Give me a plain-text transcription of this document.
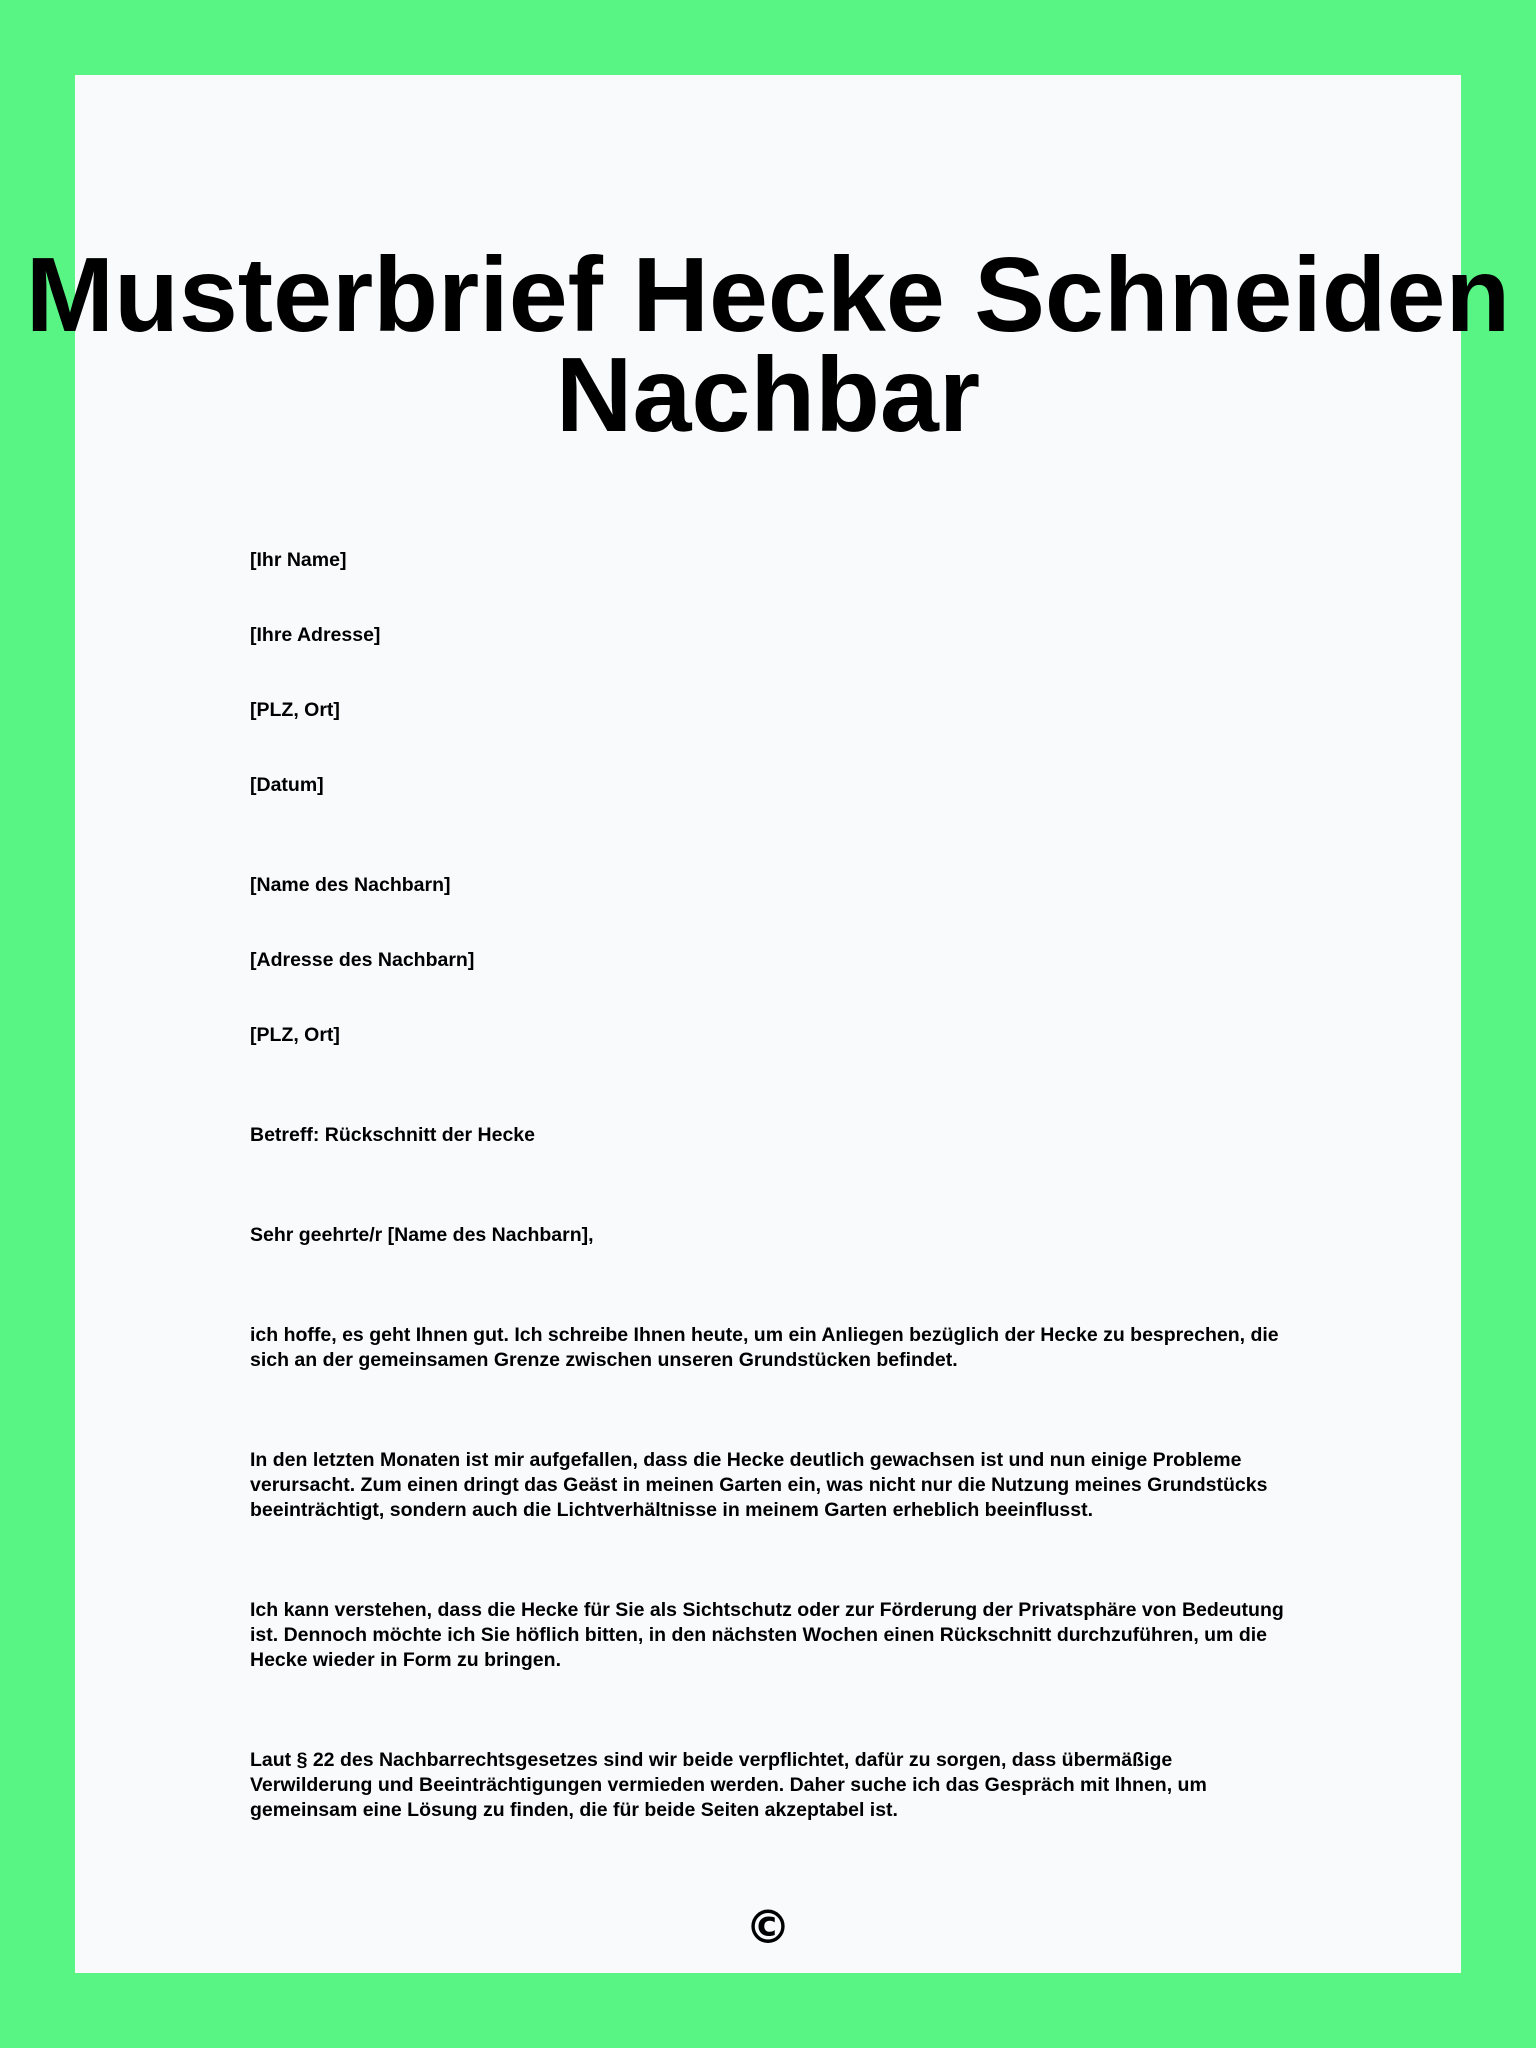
Musterbrief Hecke Schneiden Nachbar

[Ihr Name]

[Ihre Adresse]

[PLZ, Ort]

[Datum]

[Name des Nachbarn]

[Adresse des Nachbarn]

[PLZ, Ort]

Betreff: Rückschnitt der Hecke

Sehr geehrte/r [Name des Nachbarn],

ich hoffe, es geht Ihnen gut. Ich schreibe Ihnen heute, um ein Anliegen bezüglich der Hecke zu besprechen, die sich an der gemeinsamen Grenze zwischen unseren Grundstücken befindet.

In den letzten Monaten ist mir aufgefallen, dass die Hecke deutlich gewachsen ist und nun einige Probleme verursacht. Zum einen dringt das Geäst in meinen Garten ein, was nicht nur die Nutzung meines Grundstücks beeinträchtigt, sondern auch die Lichtverhältnisse in meinem Garten erheblich beeinflusst.

Ich kann verstehen, dass die Hecke für Sie als Sichtschutz oder zur Förderung der Privatsphäre von Bedeutung ist. Dennoch möchte ich Sie höflich bitten, in den nächsten Wochen einen Rückschnitt durchzuführen, um die Hecke wieder in Form zu bringen.

Laut § 22 des Nachbarrechtsgesetzes sind wir beide verpflichtet, dafür zu sorgen, dass übermäßige Verwilderung und Beeinträchtigungen vermieden werden. Daher suche ich das Gespräch mit Ihnen, um gemeinsam eine Lösung zu finden, die für beide Seiten akzeptabel ist.

©
